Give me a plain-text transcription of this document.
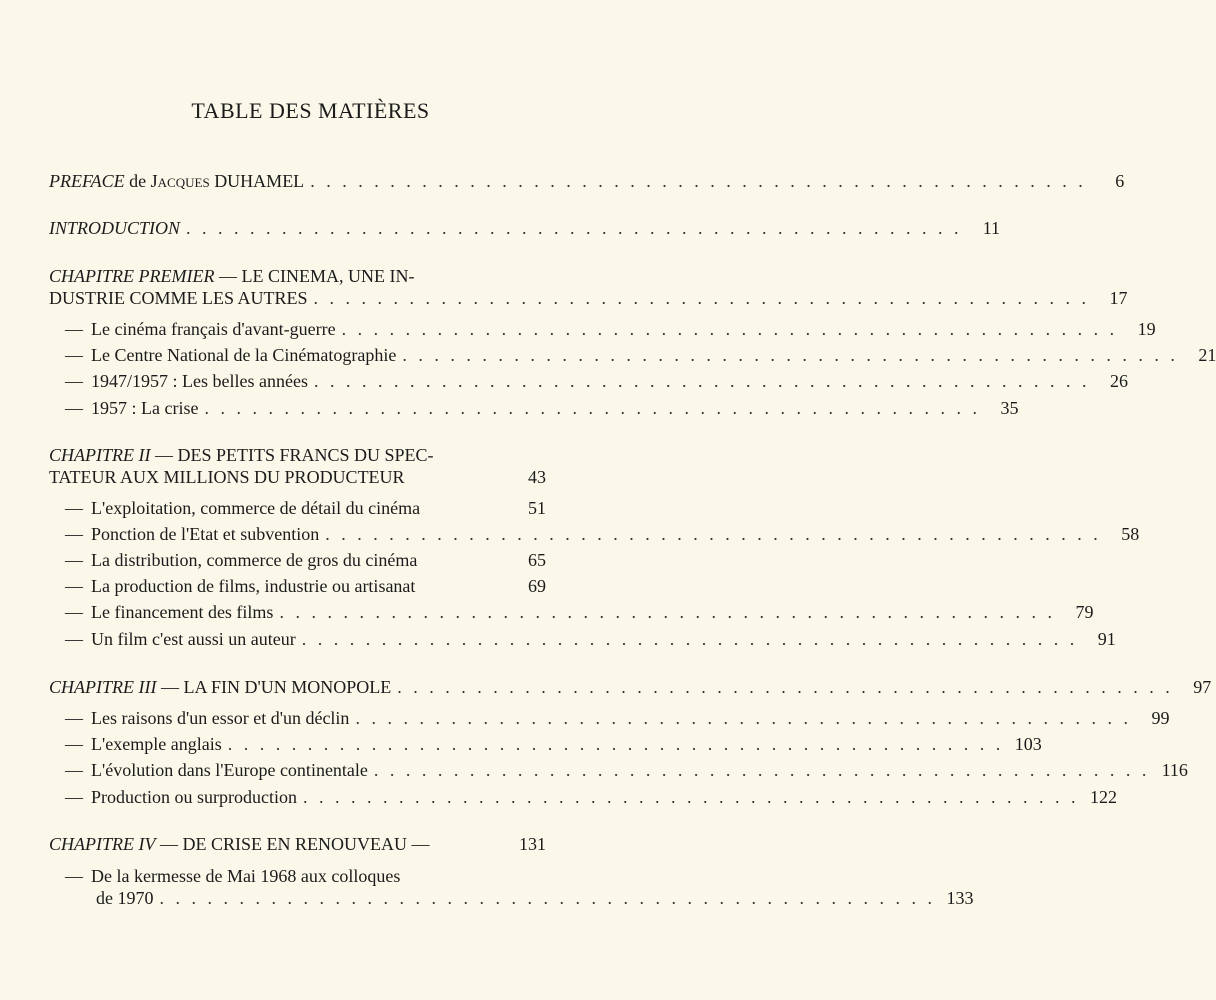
TABLE DES MATIÈRES
PREFACE de JACQUES DUHAMEL . . . . . . . . . . . . . . . . . . . . . . . . . . . . . . . . . . . . . . . . . . . . . . . . .	6
INTRODUCTION . . . . . . . . . . . . . . . . . . . . . . . . . . . . . . . . . . . . . . . . . . . . . . . . .	11
CHAPITRE PREMIER — LE CINEMA, UNE IN-
DUSTRIE COMME LES AUTRES . . . . . . . . . . . . . . . . . . . . . . . . . . . . . . . . . . . . . . . . . . . . . . . . .	17
— Le cinéma français d'avant-guerre . . . . . . . . . . . . . . . . . . . . . . . . . . . . . . . . . . . . . . . . . . . . . . . . .	19
— Le Centre National de la Cinématographie . . . . . . . . . . . . . . . . . . . . . . . . . . . . . . . . . . . . . . . . . . . . . . . . .	21
— 1947/1957 : Les belles années . . . . . . . . . . . . . . . . . . . . . . . . . . . . . . . . . . . . . . . . . . . . . . . . .	26
— 1957 : La crise . . . . . . . . . . . . . . . . . . . . . . . . . . . . . . . . . . . . . . . . . . . . . . . . .	35
CHAPITRE II — DES PETITS FRANCS DU SPEC-
TATEUR AUX MILLIONS DU PRODUCTEUR	43
— L'exploitation, commerce de détail du cinéma	51
— Ponction de l'Etat et subvention . . . . . . . . . . . . . . . . . . . . . . . . . . . . . . . . . . . . . . . . . . . . . . . . .	58
— La distribution, commerce de gros du cinéma	65
— La production de films, industrie ou artisanat	69
— Le financement des films . . . . . . . . . . . . . . . . . . . . . . . . . . . . . . . . . . . . . . . . . . . . . . . . .	79
— Un film c'est aussi un auteur . . . . . . . . . . . . . . . . . . . . . . . . . . . . . . . . . . . . . . . . . . . . . . . . .	91
CHAPITRE III — LA FIN D'UN MONOPOLE . . . . . . . . . . . . . . . . . . . . . . . . . . . . . . . . . . . . . . . . . . . . . . . . .	97
— Les raisons d'un essor et d'un déclin . . . . . . . . . . . . . . . . . . . . . . . . . . . . . . . . . . . . . . . . . . . . . . . . .	99
— L'exemple anglais . . . . . . . . . . . . . . . . . . . . . . . . . . . . . . . . . . . . . . . . . . . . . . . . . 103
— L'évolution dans l'Europe continentale . . . . . . . . . . . . . . . . . . . . . . . . . . . . . . . . . . . . . . . . . . . . . . . . . 116
— Production ou surproduction . . . . . . . . . . . . . . . . . . . . . . . . . . . . . . . . . . . . . . . . . . . . . . . . . 122
CHAPITRE IV — DE CRISE EN RENOUVEAU —	131
— De la kermesse de Mai 1968 aux colloques
de 1970 . . . . . . . . . . . . . . . . . . . . . . . . . . . . . . . . . . . . . . . . . . . . . . . . . 133
